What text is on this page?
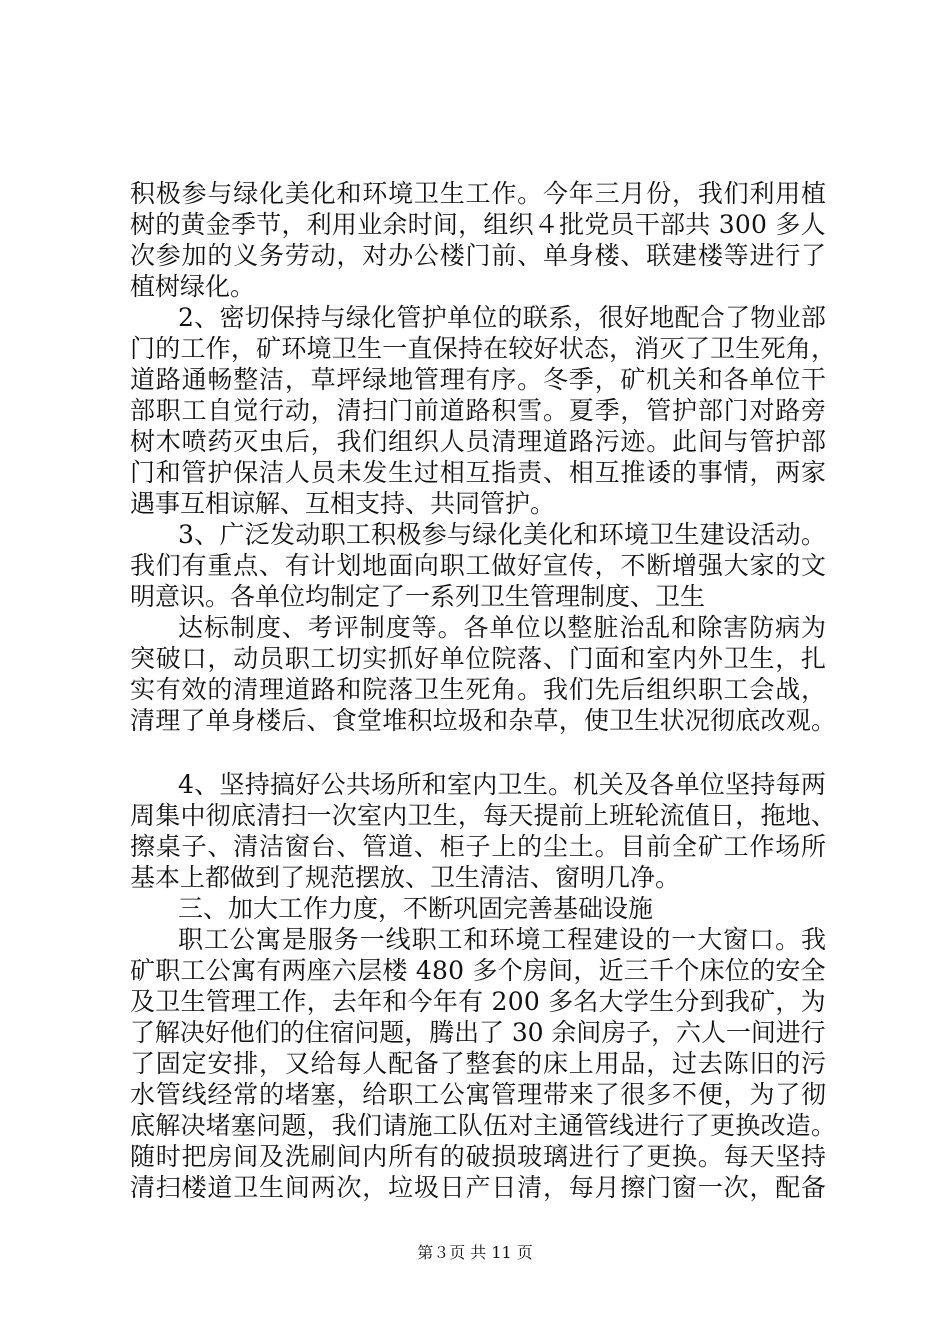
积极参与绿化美化和环境卫生工作。今年三月份，我们利用植
树的黄金季节，利用业余时间，组织４批党员干部共 300 多人
次参加的义务劳动，对办公楼门前、单身楼、联建楼等进行了
植树绿化。
2、密切保持与绿化管护单位的联系，很好地配合了物业部
门的工作，矿环境卫生一直保持在较好状态，消灭了卫生死角，
道路通畅整洁，草坪绿地管理有序。冬季，矿机关和各单位干
部职工自觉行动，清扫门前道路积雪。夏季，管护部门对路旁
树木喷药灭虫后，我们组织人员清理道路污迹。此间与管护部
门和管护保洁人员未发生过相互指责、相互推诿的事情，两家
遇事互相谅解、互相支持、共同管护。
3、广泛发动职工积极参与绿化美化和环境卫生建设活动。
我们有重点、有计划地面向职工做好宣传，不断增强大家的文
明意识。各单位均制定了一系列卫生管理制度、卫生
达标制度、考评制度等。各单位以整脏治乱和除害防病为
突破口，动员职工切实抓好单位院落、门面和室内外卫生，扎
实有效的清理道路和院落卫生死角。我们先后组织职工会战，
清理了单身楼后、食堂堆积垃圾和杂草，使卫生状况彻底改观。
4、坚持搞好公共场所和室内卫生。机关及各单位坚持每两
周集中彻底清扫一次室内卫生，每天提前上班轮流值日，拖地、
擦桌子、清洁窗台、管道、柜子上的尘土。目前全矿工作场所
基本上都做到了规范摆放、卫生清洁、窗明几净。
三、加大工作力度，不断巩固完善基础设施
职工公寓是服务一线职工和环境工程建设的一大窗口。我
矿职工公寓有两座六层楼 480 多个房间，近三千个床位的安全
及卫生管理工作，去年和今年有 200 多名大学生分到我矿，为
了解决好他们的住宿问题，腾出了 30 余间房子，六人一间进行
了固定安排，又给每人配备了整套的床上用品，过去陈旧的污
水管线经常的堵塞，给职工公寓管理带来了很多不便，为了彻
底解决堵塞问题，我们请施工队伍对主通管线进行了更换改造。
随时把房间及洗刷间内所有的破损玻璃进行了更换。每天坚持
清扫楼道卫生间两次，垃圾日产日清，每月擦门窗一次，配备
第３页 共 11 页
